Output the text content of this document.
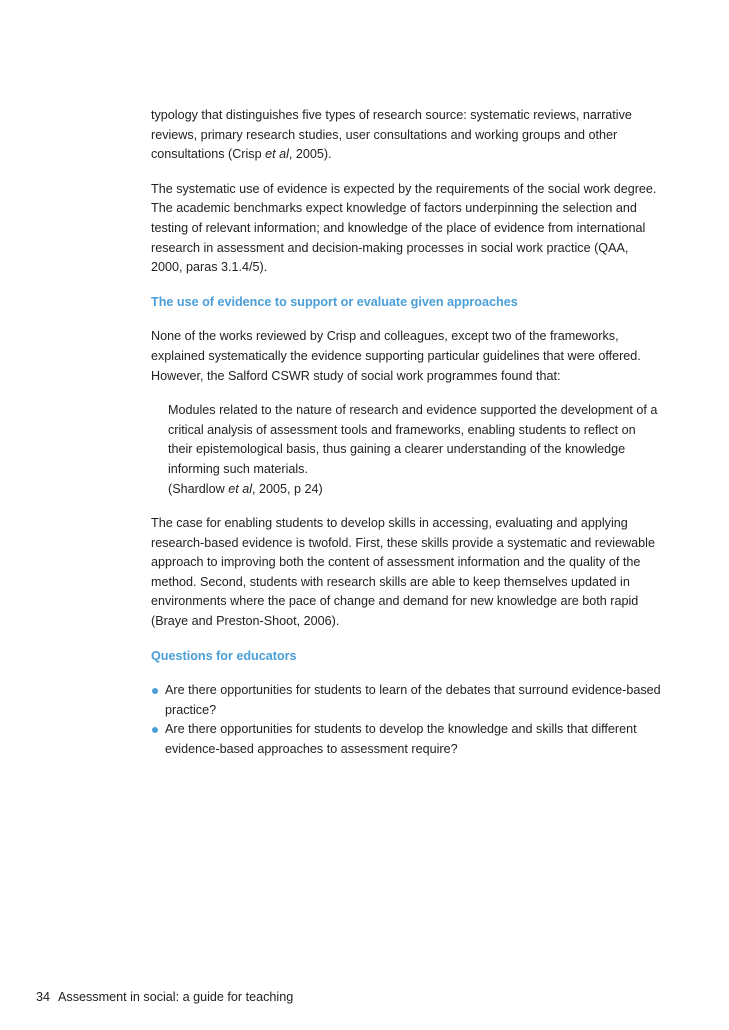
typology that distinguishes five types of research source: systematic reviews, narrative reviews, primary research studies, user consultations and working groups and other consultations (Crisp et al, 2005).

The systematic use of evidence is expected by the requirements of the social work degree. The academic benchmarks expect knowledge of factors underpinning the selection and testing of relevant information; and knowledge of the place of evidence from international research in assessment and decision-making processes in social work practice (QAA, 2000, paras 3.1.4/5).

The use of evidence to support or evaluate given approaches

None of the works reviewed by Crisp and colleagues, except two of the frameworks, explained systematically the evidence supporting particular guidelines that were offered. However, the Salford CSWR study of social work programmes found that:

Modules related to the nature of research and evidence supported the development of a critical analysis of assessment tools and frameworks, enabling students to reflect on their epistemological basis, thus gaining a clearer understanding of the knowledge informing such materials.
(Shardlow et al, 2005, p 24)

The case for enabling students to develop skills in accessing, evaluating and applying research-based evidence is twofold. First, these skills provide a systematic and reviewable approach to improving both the content of assessment information and the quality of the method. Second, students with research skills are able to keep themselves updated in environments where the pace of change and demand for new knowledge are both rapid (Braye and Preston-Shoot, 2006).

Questions for educators
Are there opportunities for students to learn of the debates that surround evidence-based practice?
Are there opportunities for students to develop the knowledge and skills that different evidence-based approaches to assessment require?
34 Assessment in social: a guide for teaching
